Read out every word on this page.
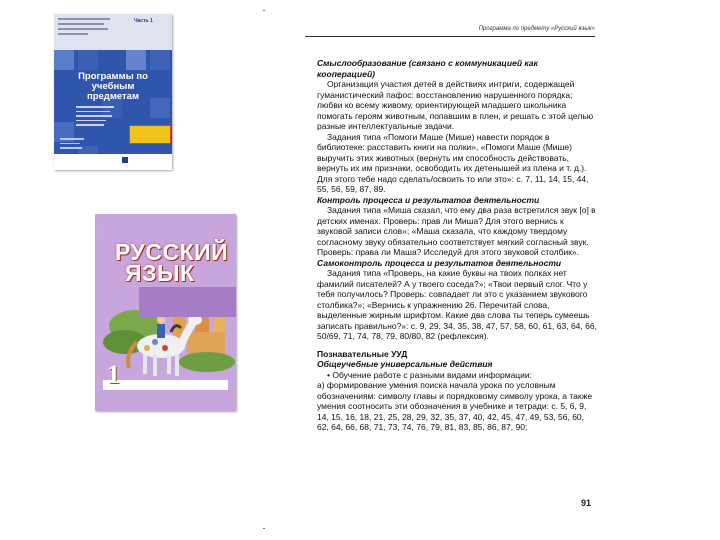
Часть 1
Программы по учебным предметам
· · · · · ·
РУССКИЙ
ЯЗЫК
1
Программа по предмету «Русский язык»

Смыслообразование (связано с коммуникацией как кооперацией)

Организация участия детей в действиях интриги, содержащей гуманистический пафос: восстановлению нарушенного порядка; любви ко всему живому, ориентирующей младшего школьника помогать героям животным, попавшим в плен, и решать с этой целью разные интеллектуальные задачи.

Задания типа «Помоги Маше (Мише) навести порядок в библиотеке: расставить книги на полки», «Помоги Маше (Мише) выручить этих животных (вернуть им способность действовать, вернуть их им признаки, освободить их детенышей из плена и т. д.). Для этого тебе надо сделать/освоить то или это»: с. 7, 11, 14, 15, 44, 55, 56, 59, 87, 89.

Контроль процесса и результатов деятельности

Задания типа «Миша сказал, что ему два раза встретился звук [о] в детских именах. Проверь: прав ли Миша? Для этого вернись к звуковой записи слов»; «Маша сказала, что каждому твердому согласному звуку обязательно соответствует мягкий согласный звук. Проверь: права ли Маша? Исследуй для этого звуковой столбик».

Самоконтроль процесса и результатов деятельности

Задания типа «Проверь, на какие буквы на твоих полках нет фамилий писателей? А у твоего соседа?»; «Твои первый слог. Что у тебя получилось? Проверь: совпадает ли это с указанием звукового столбика?»; «Вернись к упражнению 26. Перечитай слова, выделенные жирным шрифтом. Какие два слова ты теперь сумеешь записать правильно?»: с. 9, 29, 34, 35, 38, 47, 57, 58, 60, 61, 63, 64, 66, 50/69, 71, 74, 78, 79, 80/80, 82 (рефлексия).

Познавательные УУД

Общеучебные универсальные действия

• Обучение работе с разными видами информации:

а) формирование умения поиска начала урока по условным обозначениям: символу главы и порядковому символу урока, а также умения соотносить эти обозначения в учебнике и тетради: с. 5, 6, 9, 14, 15, 16, 18, 21, 25, 28, 29, 32, 35, 37, 40, 42, 45, 47, 49, 53, 56, 60, 62, 64, 66, 68, 71, 73, 74, 76, 79, 81, 83, 85, 86, 87, 90;

91
